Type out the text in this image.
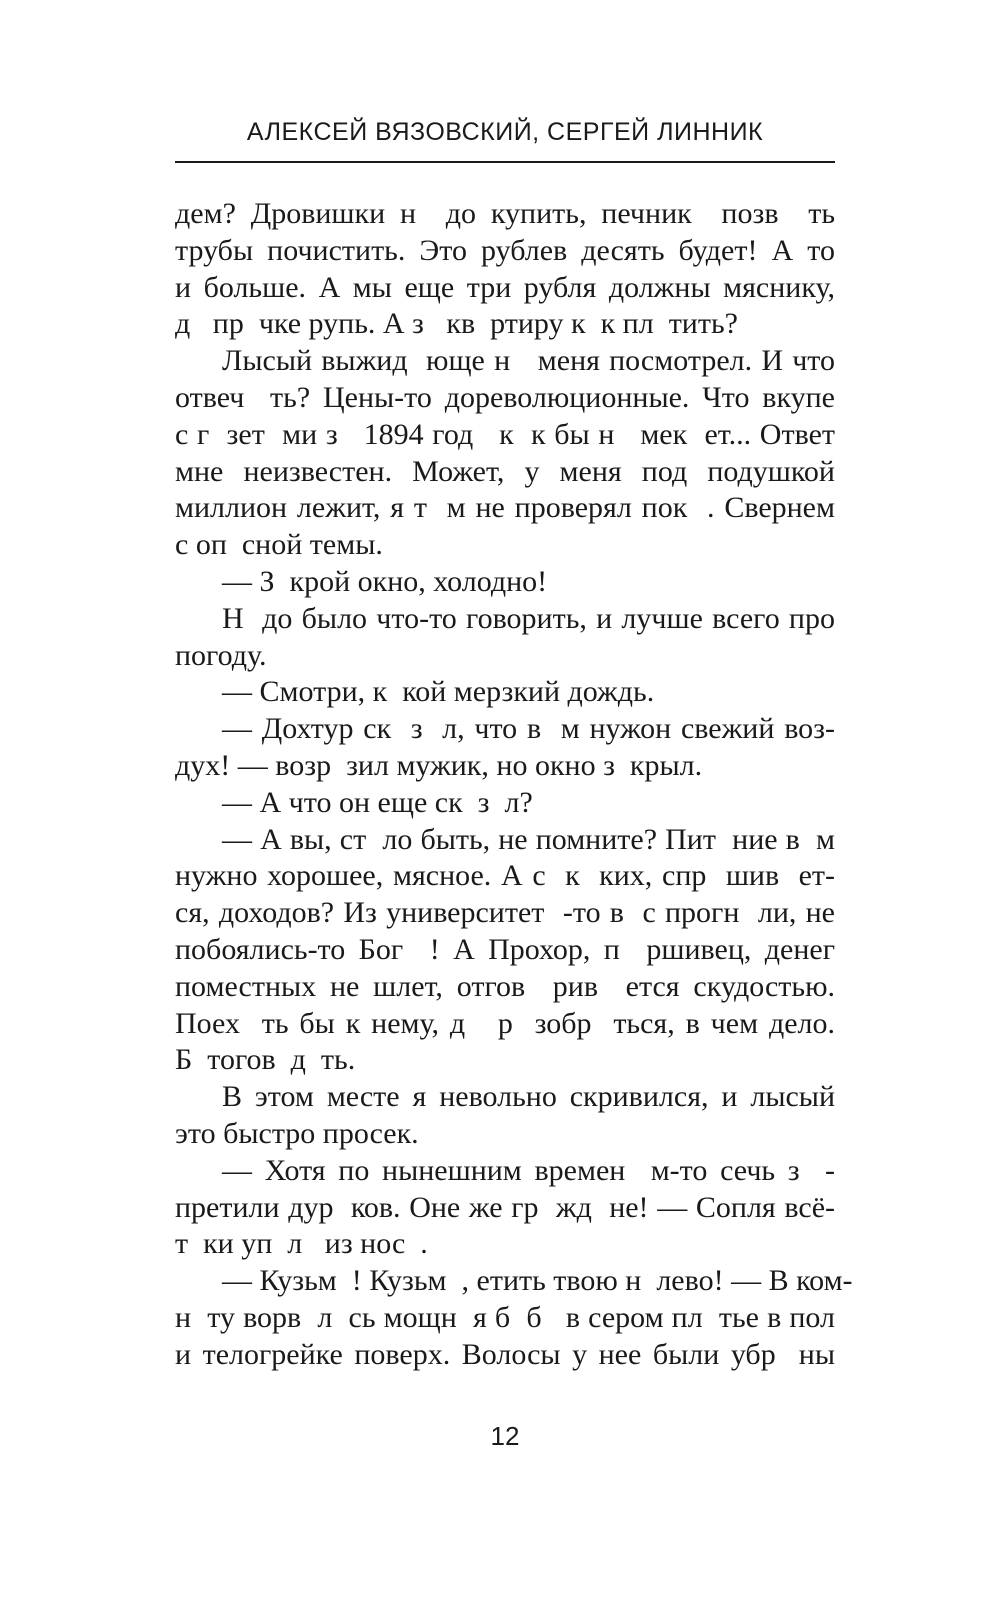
АЛЕКСЕЙ ВЯЗОВСКИЙ, СЕРГЕЙ ЛИННИК
дем? Дровишки н  до купить, печник  позв  ть
трубы почистить. Это рублев десять будет! А то
и больше. А мы еще три рубля должны мяснику,
д   пр  чке рупь. А з   кв  ртиру к  к пл  тить?
Лысый выжид  юще н   меня посмотрел. И что
отвеч  ть? Цены-то дореволюционные. Что вкупе
с г  зет  ми з   1894 год   к  к бы н   мек  ет... Ответ
мне неизвестен. Может, у меня под подушкой
миллион лежит, я т  м не проверял пок  . Свернем
с оп  сной темы.
— З  крой окно, холодно!
Н  до было что-то говорить, и лучше всего про
погоду.
— Смотри, к  кой мерзкий дождь.
— Дохтур ск  з  л, что в  м нужон свежий воз-
дух! — возр  зил мужик, но окно з  крыл.
— А что он еще ск  з  л?
— А вы, ст  ло быть, не помните? Пит  ние в  м
нужно хорошее, мясное. А с  к  ких, спр  шив  ет-
ся, доходов? Из университет  -то в  с прогн  ли, не
побоялись-то Бог  ! А Прохор, п  ршивец, денег
поместных не шлет, отгов  рив  ется скудостью.
Поех  ть бы к нему, д   р  зобр  ться, в чем дело.
Б  тогов  д  ть.
В этом месте я невольно скривился, и лысый
это быстро просек.
— Хотя по нынешним времен  м-то сечь з  -
претили дур  ков. Оне же гр  жд  не! — Сопля всё-
т  ки уп  л   из нос  .
— Кузьм  ! Кузьм  , етить твою н  лево! — В ком-
н  ту ворв  л  сь мощн  я б  б   в сером пл  тье в пол
и телогрейке поверх. Волосы у нее были убр  ны
12
